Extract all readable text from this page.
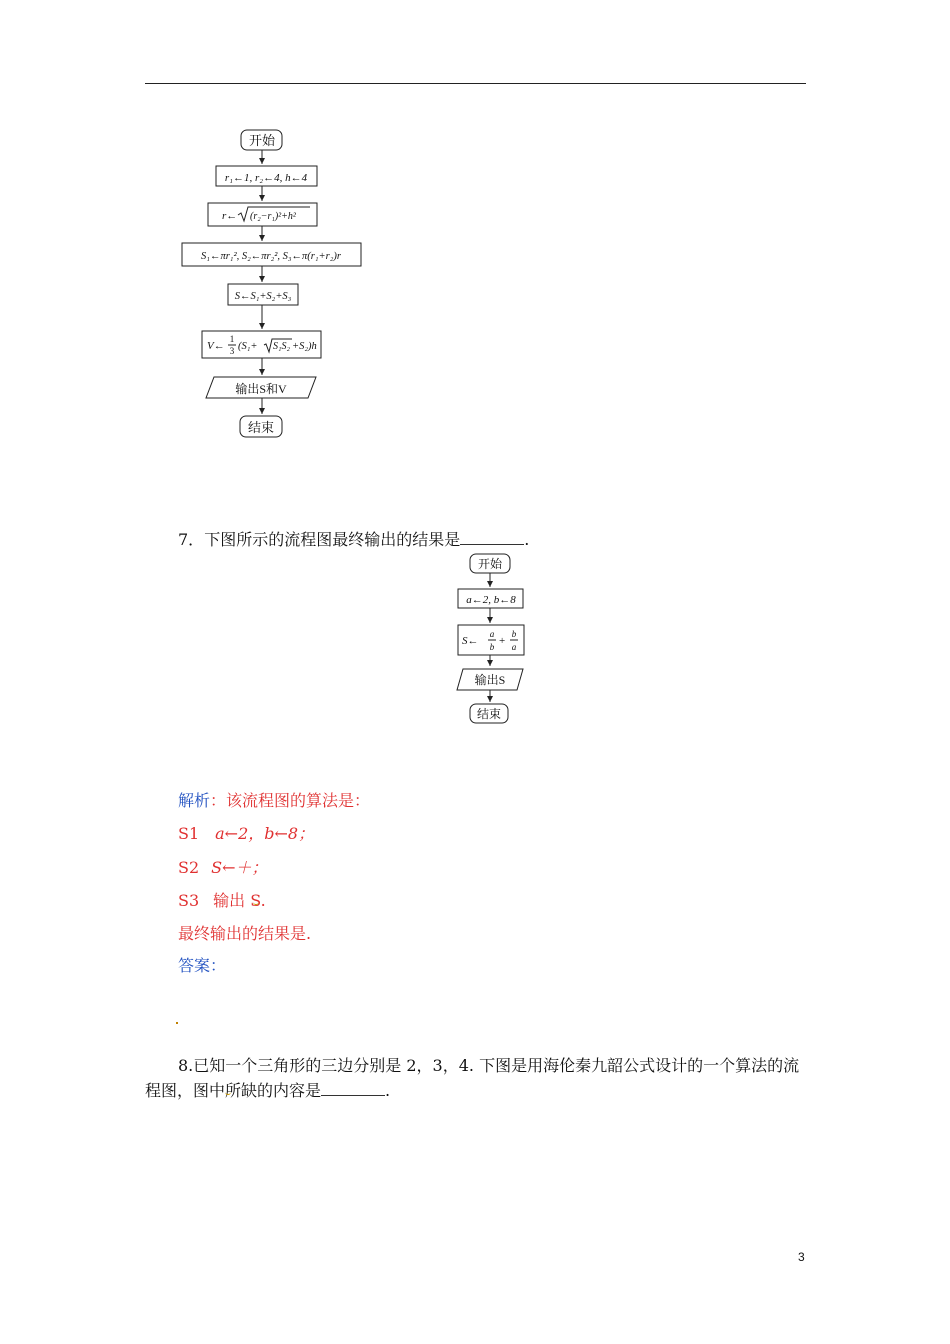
开始
r₁←1, r₂←4, h←4
r← (r₂−r₁)²+h²
S₁←πr₁², S₂←πr₂², S₃←π(r₁+r₂)r
S←S₁+S₂+S₃
V←
1
3 (S₁+ S₁S₂ +S₂)h
输出S和V
结束
7．下图所示的流程图最终输出的结果是	.
开始
a←2, b←8
S←
a
b +
b
a
输出S
结束
解析：该流程图的算法是：
S1 a←2，b←8；
S2 S←＋；
S3 输出 S.
最终输出的结果是.
答案：
8.已知一个三角形的三边分别是 2，3，4. 下图是用海伦秦九韶公式设计的一个算法的流
程图，图中所缺的内容是	.
3
